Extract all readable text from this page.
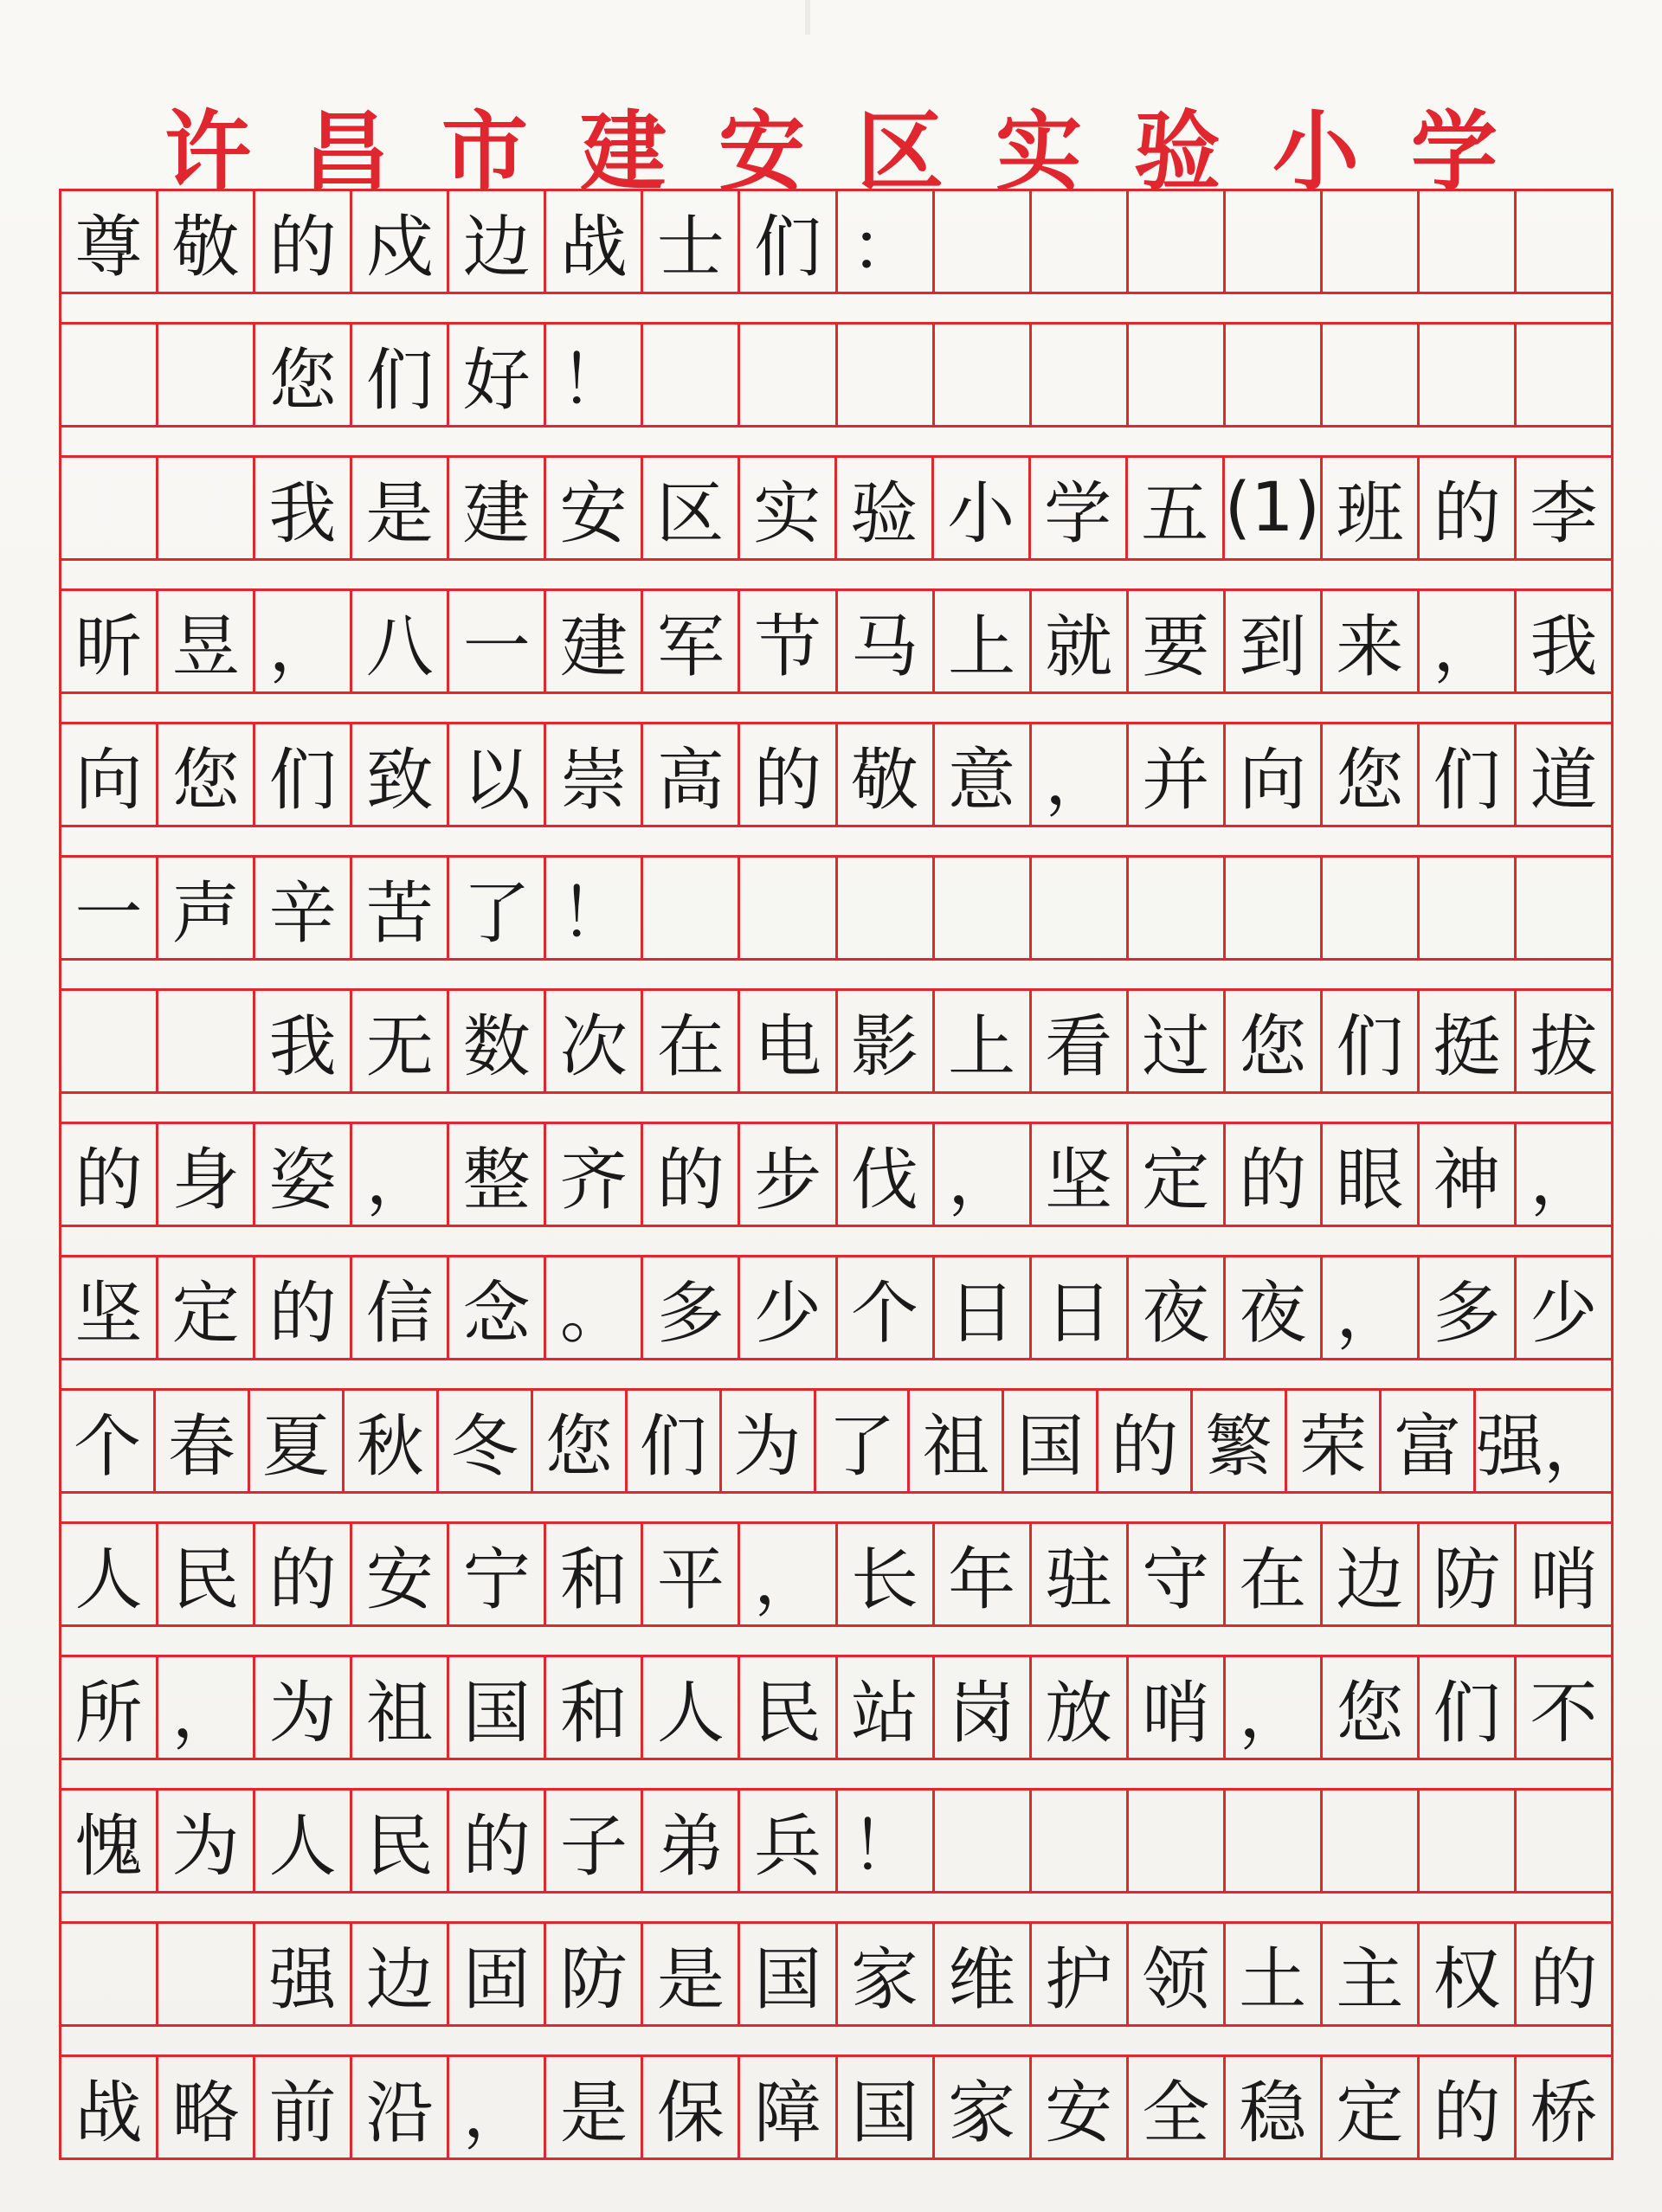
许 昌 市 建 安 区 实 验 小 学
尊 敬 的 戍 边 战 士 们 ：
您 们 好 ！
我 是 建 安 区 实 验 小 学 五 (1) 班 的 李
昕 昱 ， 八 一 建 军 节 马 上 就 要 到 来 ， 我
向 您 们 致 以 崇 高 的 敬 意 ， 并 向 您 们 道
一 声 辛 苦 了 ！
我 无 数 次 在 电 影 上 看 过 您 们 挺 拔
的 身 姿 ， 整 齐 的 步 伐 ， 坚 定 的 眼 神 ，
坚 定 的 信 念 。 多 少 个 日 日 夜 夜 ， 多 少
个 春 夏 秋 冬 您 们 为 了 祖 国 的 繁 荣 富 强，
人 民 的 安 宁 和 平 ， 长 年 驻 守 在 边 防 哨
所 ， 为 祖 国 和 人 民 站 岗 放 哨 ， 您 们 不
愧 为 人 民 的 子 弟 兵 ！
强 边 固 防 是 国 家 维 护 领 土 主 权 的
战 略 前 沿 ， 是 保 障 国 家 安 全 稳 定 的 桥
